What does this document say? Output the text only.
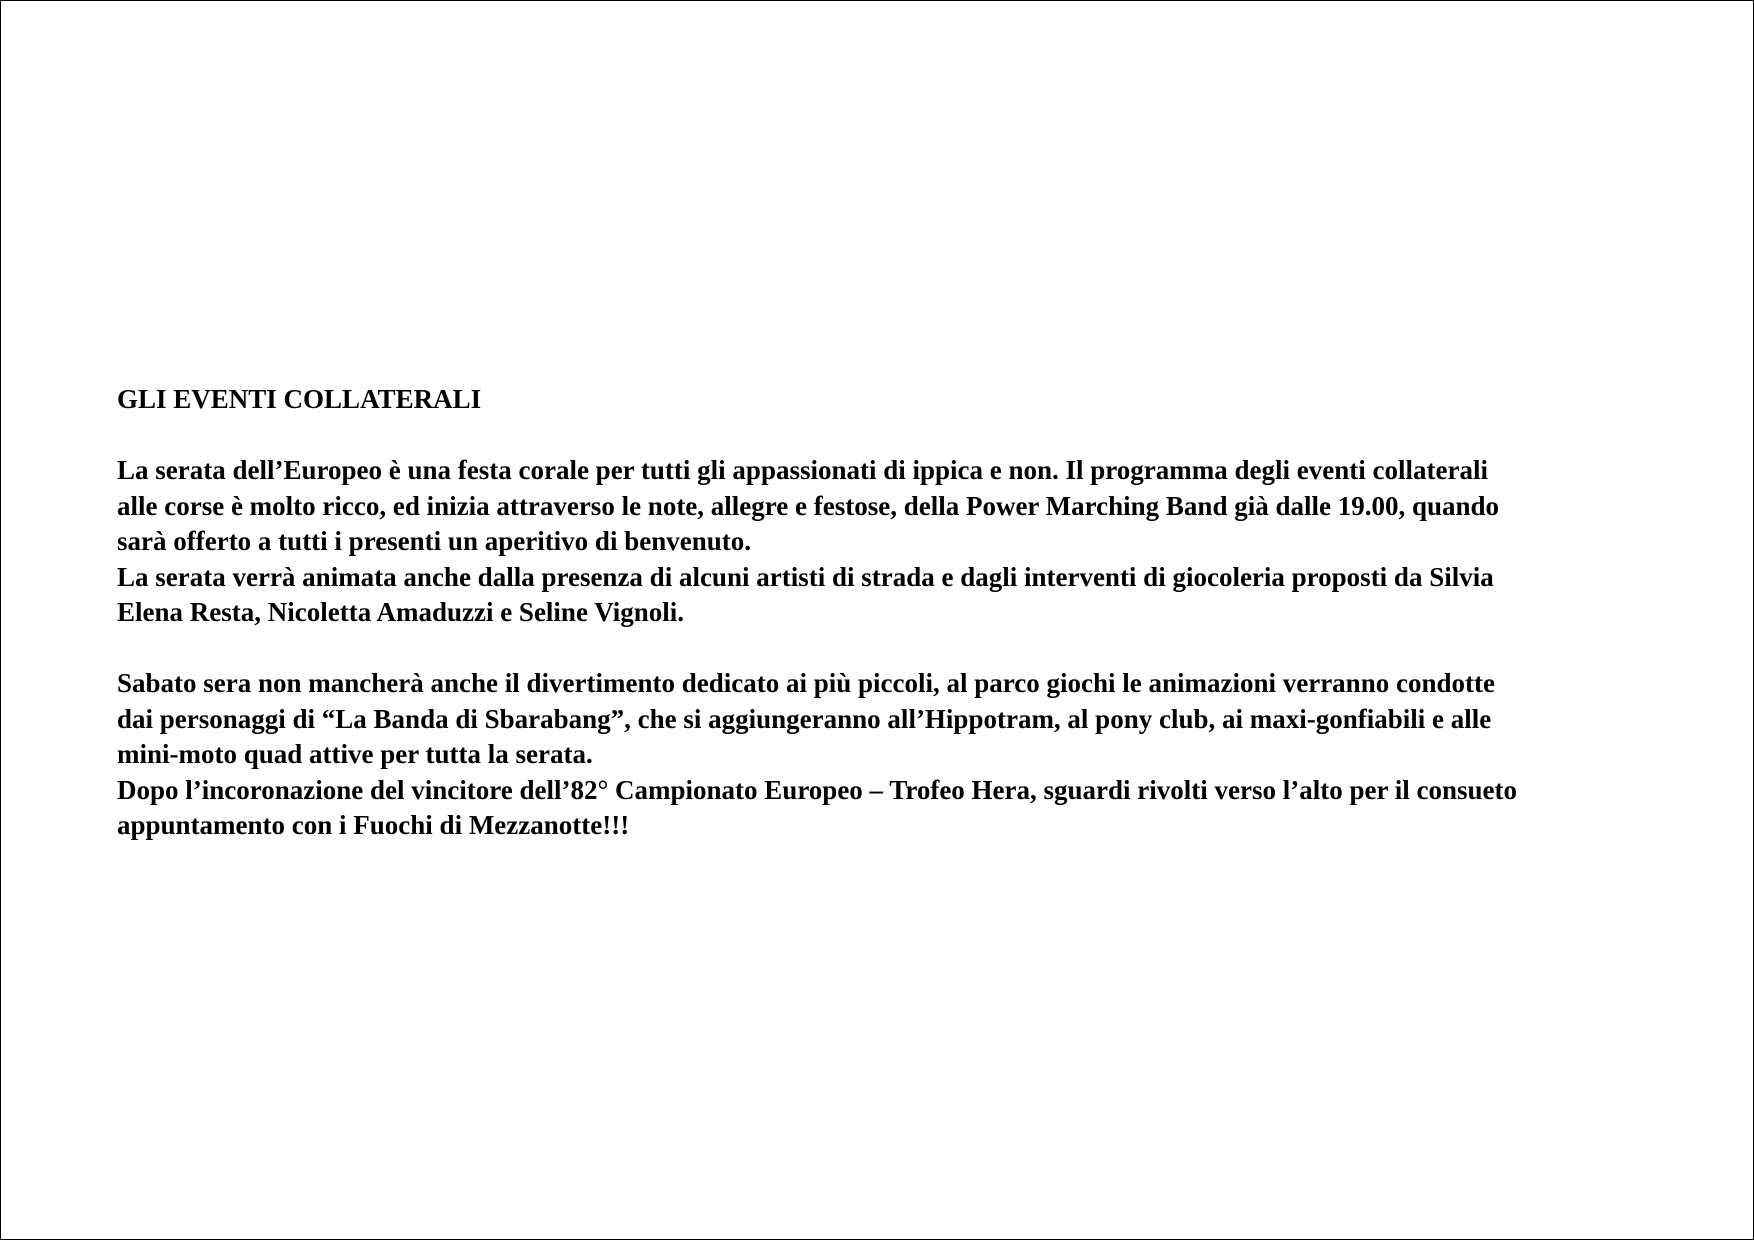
GLI EVENTI COLLATERALI
La serata dell’Europeo è una festa corale per tutti gli appassionati di ippica e non. Il programma degli eventi collaterali
alle corse è molto ricco, ed inizia attraverso le note, allegre e festose, della Power Marching Band già dalle 19.00, quando
sarà offerto a tutti i presenti un aperitivo di benvenuto.
La serata verrà animata anche dalla presenza di alcuni artisti di strada e dagli interventi di giocoleria proposti da Silvia
Elena Resta, Nicoletta Amaduzzi e Seline Vignoli.
Sabato sera non mancherà anche il divertimento dedicato ai più piccoli, al parco giochi le animazioni verranno condotte
dai personaggi di “La Banda di Sbarabang”, che si aggiungeranno all’Hippotram, al pony club, ai maxi-gonfiabili e alle
mini-moto quad attive per tutta la serata.
Dopo l’incoronazione del vincitore dell’82° Campionato Europeo – Trofeo Hera, sguardi rivolti verso l’alto per il consueto
appuntamento con i Fuochi di Mezzanotte!!!
